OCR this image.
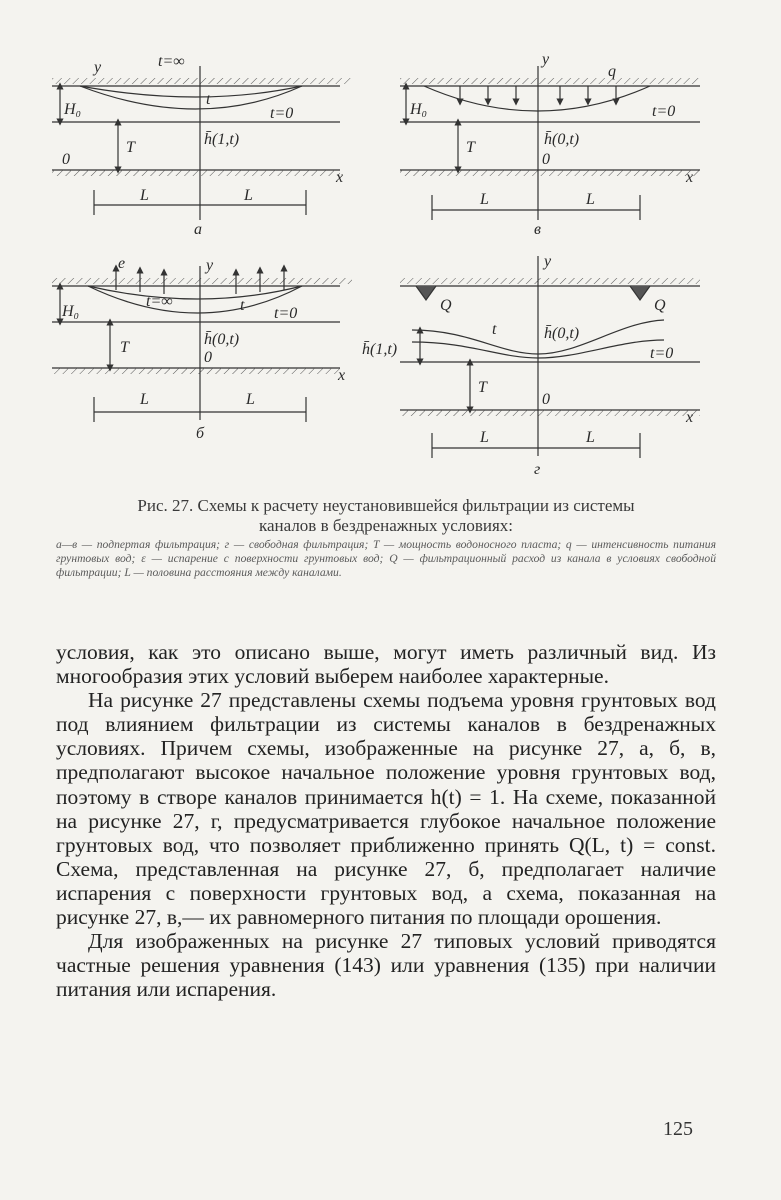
y	t=∞
t
h̄(1,t)
H₀
T
t=0
0
x
L	L
а
y
q
h̄(0,t)
H₀
T
t=0
0
x
L	L
в
e	y
t=∞	t
h̄(0,t)
H₀
T
t=0
0
x
L	L
б
y
Q	Q
t
h̄(1,t)
h̄(0,t)
T
t=0
0
x
L	L
г
Рис. 27. Схемы к расчету неустановившейся фильтрации из системы
каналов в бездренажных условиях:
а—в — подпертая фильтрация; г — свободная фильтрация; T — мощность водоносного пласта; q — интенсивность питания грунтовых вод; ε — испарение с поверхности грунтовых вод; Q — фильтрационный расход из канала в условиях свободной фильтрации; L — половина расстояния между каналами.

условия, как это описано выше, могут иметь различный вид. Из многообразия этих условий выберем наиболее характерные.

На рисунке 27 представлены схемы подъема уровня грунтовых вод под влиянием фильтрации из системы каналов в бездренажных условиях. Причем схемы, изображенные на рисунке 27, а, б, в, предполагают высокое начальное положение уровня грунтовых вод, поэтому в створе каналов принимается h(t) = 1. На схеме, показанной на рисунке 27, г, предусматривается глубокое начальное положение грунтовых вод, что позволяет приближенно принять Q(L, t) = const. Схема, представленная на рисунке 27, б, предполагает наличие испарения с поверхности грунтовых вод, а схема, показанная на рисунке 27, в,— их равномерного питания по площади орошения.

Для изображенных на рисунке 27 типовых условий приводятся частные решения уравнения (143) или уравнения (135) при наличии питания или испарения.

125
